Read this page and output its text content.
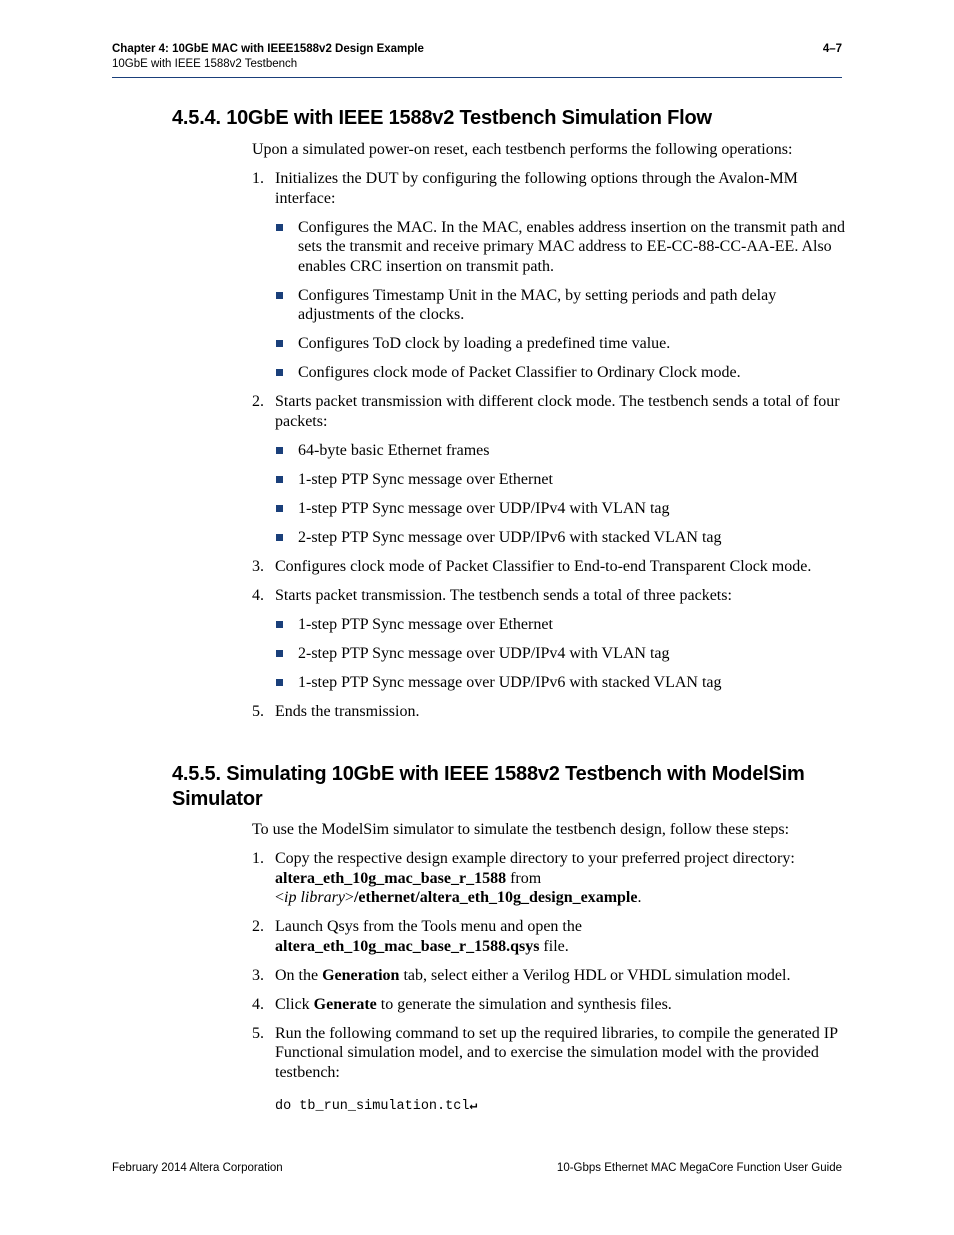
Chapter 4: 10GbE MAC with IEEE1588v2 Design Example
10GbE with IEEE 1588v2 Testbench
4–7
4.5.4. 10GbE with IEEE 1588v2 Testbench Simulation Flow

Upon a simulated power-on reset, each testbench performs the following operations:

1. Initializes the DUT by configuring the following options through the Avalon-MM interface:
Configures the MAC. In the MAC, enables address insertion on the transmit path and sets the transmit and receive primary MAC address to EE-CC-88-CC-AA-EE. Also enables CRC insertion on transmit path.
Configures Timestamp Unit in the MAC, by setting periods and path delay adjustments of the clocks.
Configures ToD clock by loading a predefined time value.
Configures clock mode of Packet Classifier to Ordinary Clock mode.
2. Starts packet transmission with different clock mode. The testbench sends a total of four packets:
64-byte basic Ethernet frames
1-step PTP Sync message over Ethernet
1-step PTP Sync message over UDP/IPv4 with VLAN tag
2-step PTP Sync message over UDP/IPv6 with stacked VLAN tag
3. Configures clock mode of Packet Classifier to End-to-end Transparent Clock mode.
4. Starts packet transmission. The testbench sends a total of three packets:
1-step PTP Sync message over Ethernet
2-step PTP Sync message over UDP/IPv4 with VLAN tag
1-step PTP Sync message over UDP/IPv6 with stacked VLAN tag
5. Ends the transmission.
4.5.5. Simulating 10GbE with IEEE 1588v2 Testbench with ModelSim Simulator

To use the ModelSim simulator to simulate the testbench design, follow these steps:

1. Copy the respective design example directory to your preferred project directory:
altera_eth_10g_mac_base_r_1588 from
<ip library>/ethernet/altera_eth_10g_design_example.
2. Launch Qsys from the Tools menu and open the
altera_eth_10g_mac_base_r_1588.qsys file.
3. On the Generation tab, select either a Verilog HDL or VHDL simulation model.
4. Click Generate to generate the simulation and synthesis files.
5. Run the following command to set up the required libraries, to compile the generated IP Functional simulation model, and to exercise the simulation model with the provided testbench:
do tb_run_simulation.tcl↵
February 2014 Altera Corporation	10-Gbps Ethernet MAC MegaCore Function User Guide
